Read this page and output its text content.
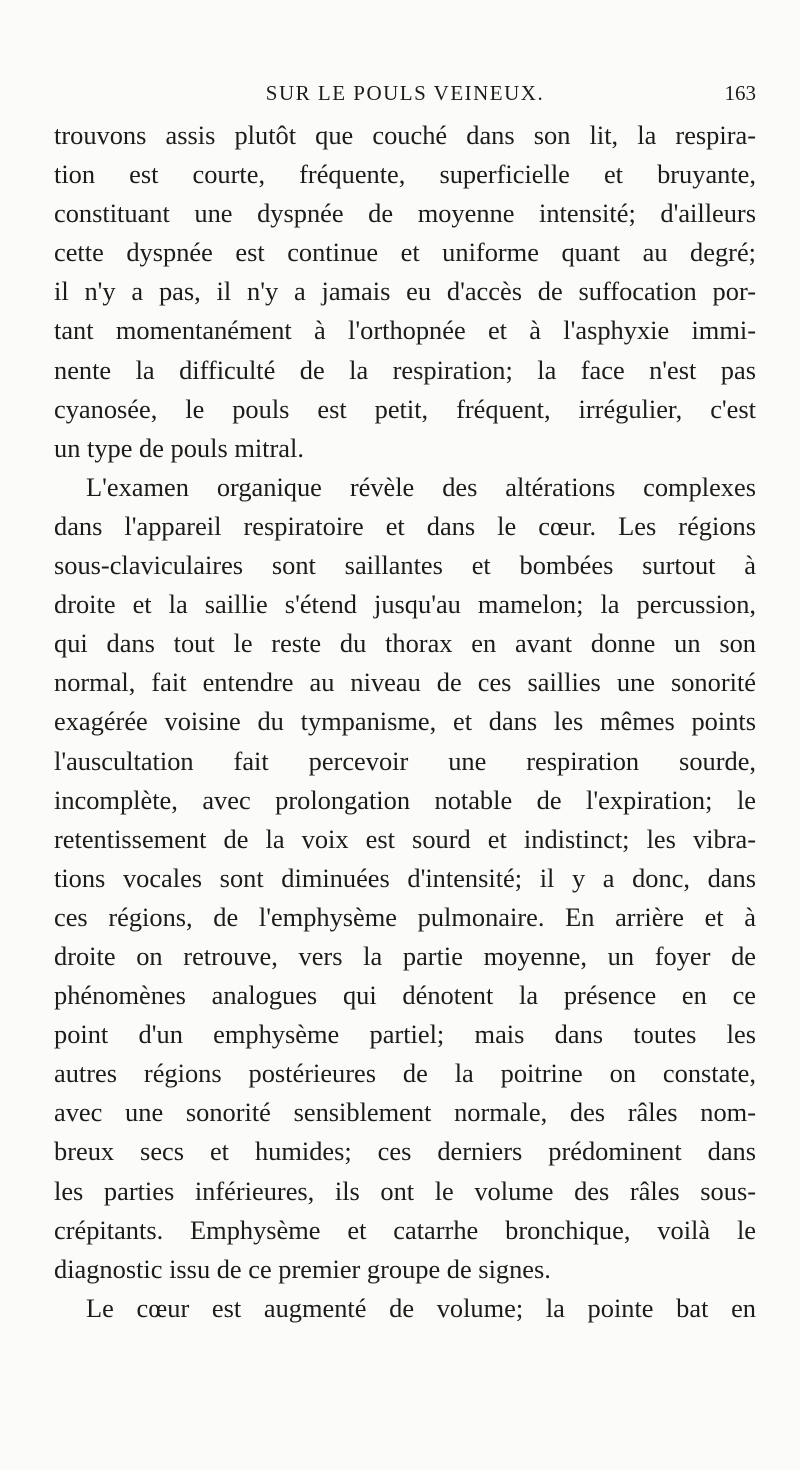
SUR LE POULS VEINEUX.	163
trouvons assis plutôt que couché dans son lit, la respira-
tion est courte, fréquente, superficielle et bruyante,
constituant une dyspnée de moyenne intensité; d'ailleurs
cette dyspnée est continue et uniforme quant au degré;
il n'y a pas, il n'y a jamais eu d'accès de suffocation por-
tant momentanément à l'orthopnée et à l'asphyxie immi-
nente la difficulté de la respiration; la face n'est pas
cyanosée, le pouls est petit, fréquent, irrégulier, c'est
un type de pouls mitral.
L'examen organique révèle des altérations complexes
dans l'appareil respiratoire et dans le cœur. Les régions
sous-claviculaires sont saillantes et bombées surtout à
droite et la saillie s'étend jusqu'au mamelon; la percussion,
qui dans tout le reste du thorax en avant donne un son
normal, fait entendre au niveau de ces saillies une sonorité
exagérée voisine du tympanisme, et dans les mêmes points
l'auscultation fait percevoir une respiration sourde,
incomplète, avec prolongation notable de l'expiration; le
retentissement de la voix est sourd et indistinct; les vibra-
tions vocales sont diminuées d'intensité; il y a donc, dans
ces régions, de l'emphysème pulmonaire. En arrière et à
droite on retrouve, vers la partie moyenne, un foyer de
phénomènes analogues qui dénotent la présence en ce
point d'un emphysème partiel; mais dans toutes les
autres régions postérieures de la poitrine on constate,
avec une sonorité sensiblement normale, des râles nom-
breux secs et humides; ces derniers prédominent dans
les parties inférieures, ils ont le volume des râles sous-
crépitants. Emphysème et catarrhe bronchique, voilà le
diagnostic issu de ce premier groupe de signes.
Le cœur est augmenté de volume; la pointe bat en
